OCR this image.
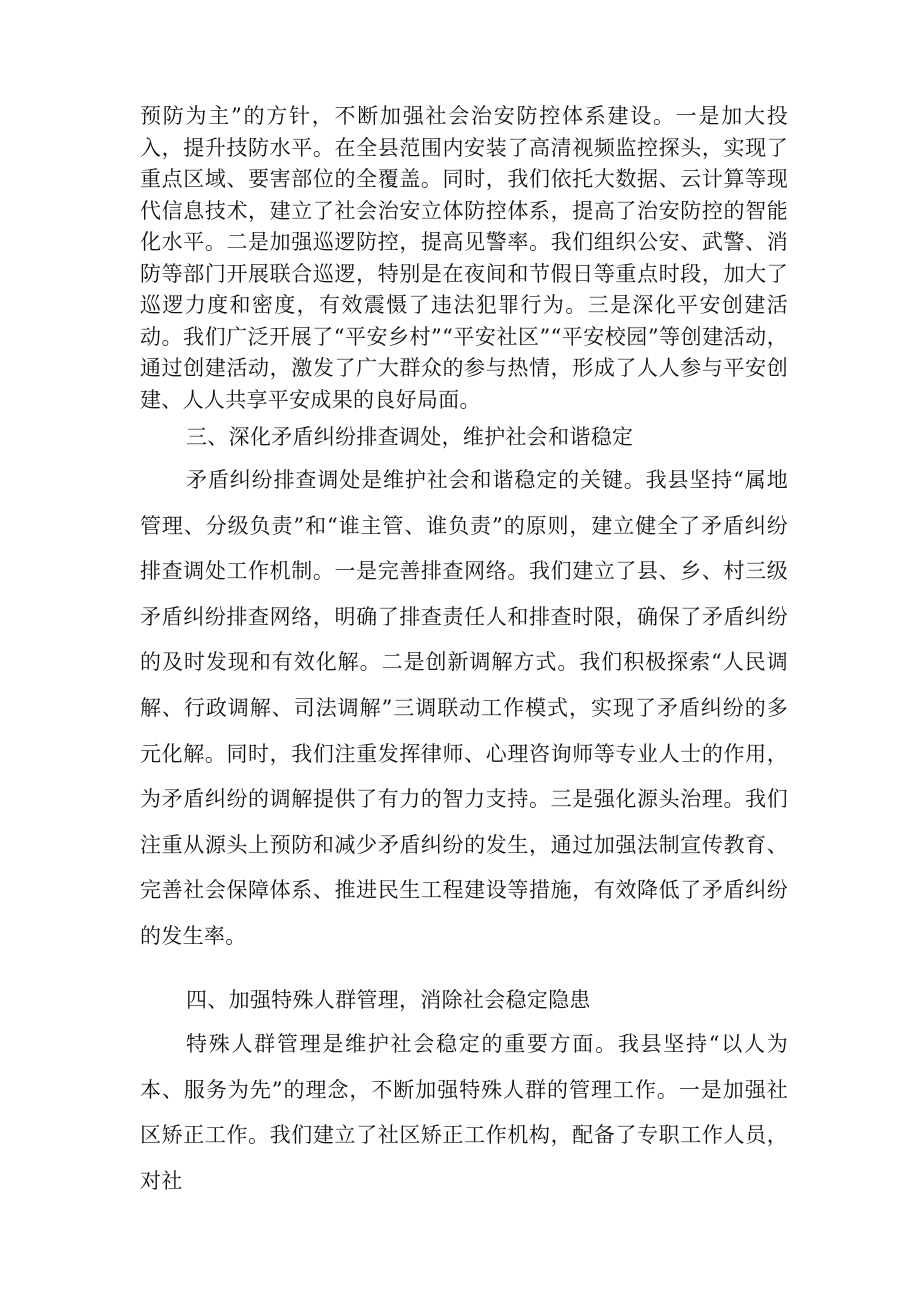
预防为主”的方针，不断加强社会治安防控体系建设。一是加大投入，提升技防水平。在全县范围内安装了高清视频监控探头，实现了重点区域、要害部位的全覆盖。同时，我们依托大数据、云计算等现代信息技术，建立了社会治安立体防控体系，提高了治安防控的智能化水平。二是加强巡逻防控，提高见警率。我们组织公安、武警、消防等部门开展联合巡逻，特别是在夜间和节假日等重点时段，加大了巡逻力度和密度，有效震慑了违法犯罪行为。三是深化平安创建活动。我们广泛开展了“平安乡村”“平安社区”“平安校园”等创建活动，通过创建活动，激发了广大群众的参与热情，形成了人人参与平安创建、人人共享平安成果的良好局面。

三、深化矛盾纠纷排查调处，维护社会和谐稳定

矛盾纠纷排查调处是维护社会和谐稳定的关键。我县坚持“属地管理、分级负责”和“谁主管、谁负责”的原则，建立健全了矛盾纠纷排查调处工作机制。一是完善排查网络。我们建立了县、乡、村三级矛盾纠纷排查网络，明确了排查责任人和排查时限，确保了矛盾纠纷的及时发现和有效化解。二是创新调解方式。我们积极探索“人民调解、行政调解、司法调解”三调联动工作模式，实现了矛盾纠纷的多元化解。同时，我们注重发挥律师、心理咨询师等专业人士的作用，为矛盾纠纷的调解提供了有力的智力支持。三是强化源头治理。我们注重从源头上预防和减少矛盾纠纷的发生，通过加强法制宣传教育、完善社会保障体系、推进民生工程建设等措施，有效降低了矛盾纠纷的发生率。

四、加强特殊人群管理，消除社会稳定隐患

特殊人群管理是维护社会稳定的重要方面。我县坚持“以人为本、服务为先”的理念，不断加强特殊人群的管理工作。一是加强社区矫正工作。我们建立了社区矫正工作机构，配备了专职工作人员，对社
